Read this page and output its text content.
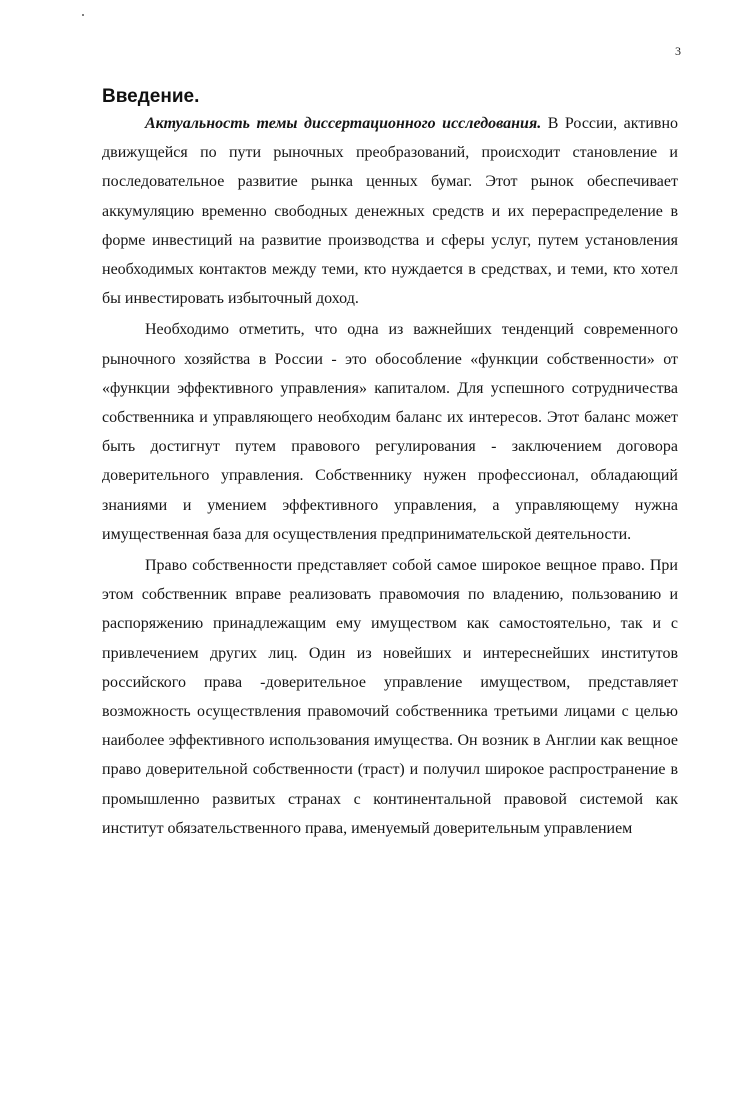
3
Введение.

Актуальность темы диссертационного исследования. В России, активно движущейся по пути рыночных преобразований, происходит становление и последовательное развитие рынка ценных бумаг. Этот рынок обеспечивает аккумуляцию временно свободных денежных средств и их перераспределение в форме инвестиций на развитие производства и сферы услуг, путем установления необходимых контактов между теми, кто нуждается в средствах, и теми, кто хотел бы инвестировать избыточный доход.

Необходимо отметить, что одна из важнейших тенденций современного рыночного хозяйства в России - это обособление «функции собственности» от «функции эффективного управления» капиталом. Для успешного сотрудничества собственника и управляющего необходим баланс их интересов. Этот баланс может быть достигнут путем правового регулирования - заключением договора доверительного управления. Собственнику нужен профессионал, обладающий знаниями и умением эффективного управления, а управляющему нужна имущественная база для осуществления предпринимательской деятельности.

Право собственности представляет собой самое широкое вещное право. При этом собственник вправе реализовать правомочия по владению, пользованию и распоряжению принадлежащим ему имуществом как самостоятельно, так и с привлечением других лиц. Один из новейших и интереснейших институтов российского права -доверительное управление имуществом, представляет возможность осуществления правомочий собственника третьими лицами с целью наиболее эффективного использования имущества. Он возник в Англии как вещное право доверительной собственности (траст) и получил широкое распространение в промышленно развитых странах с континентальной правовой системой как институт обязательственного права, именуемый доверительным управлением
